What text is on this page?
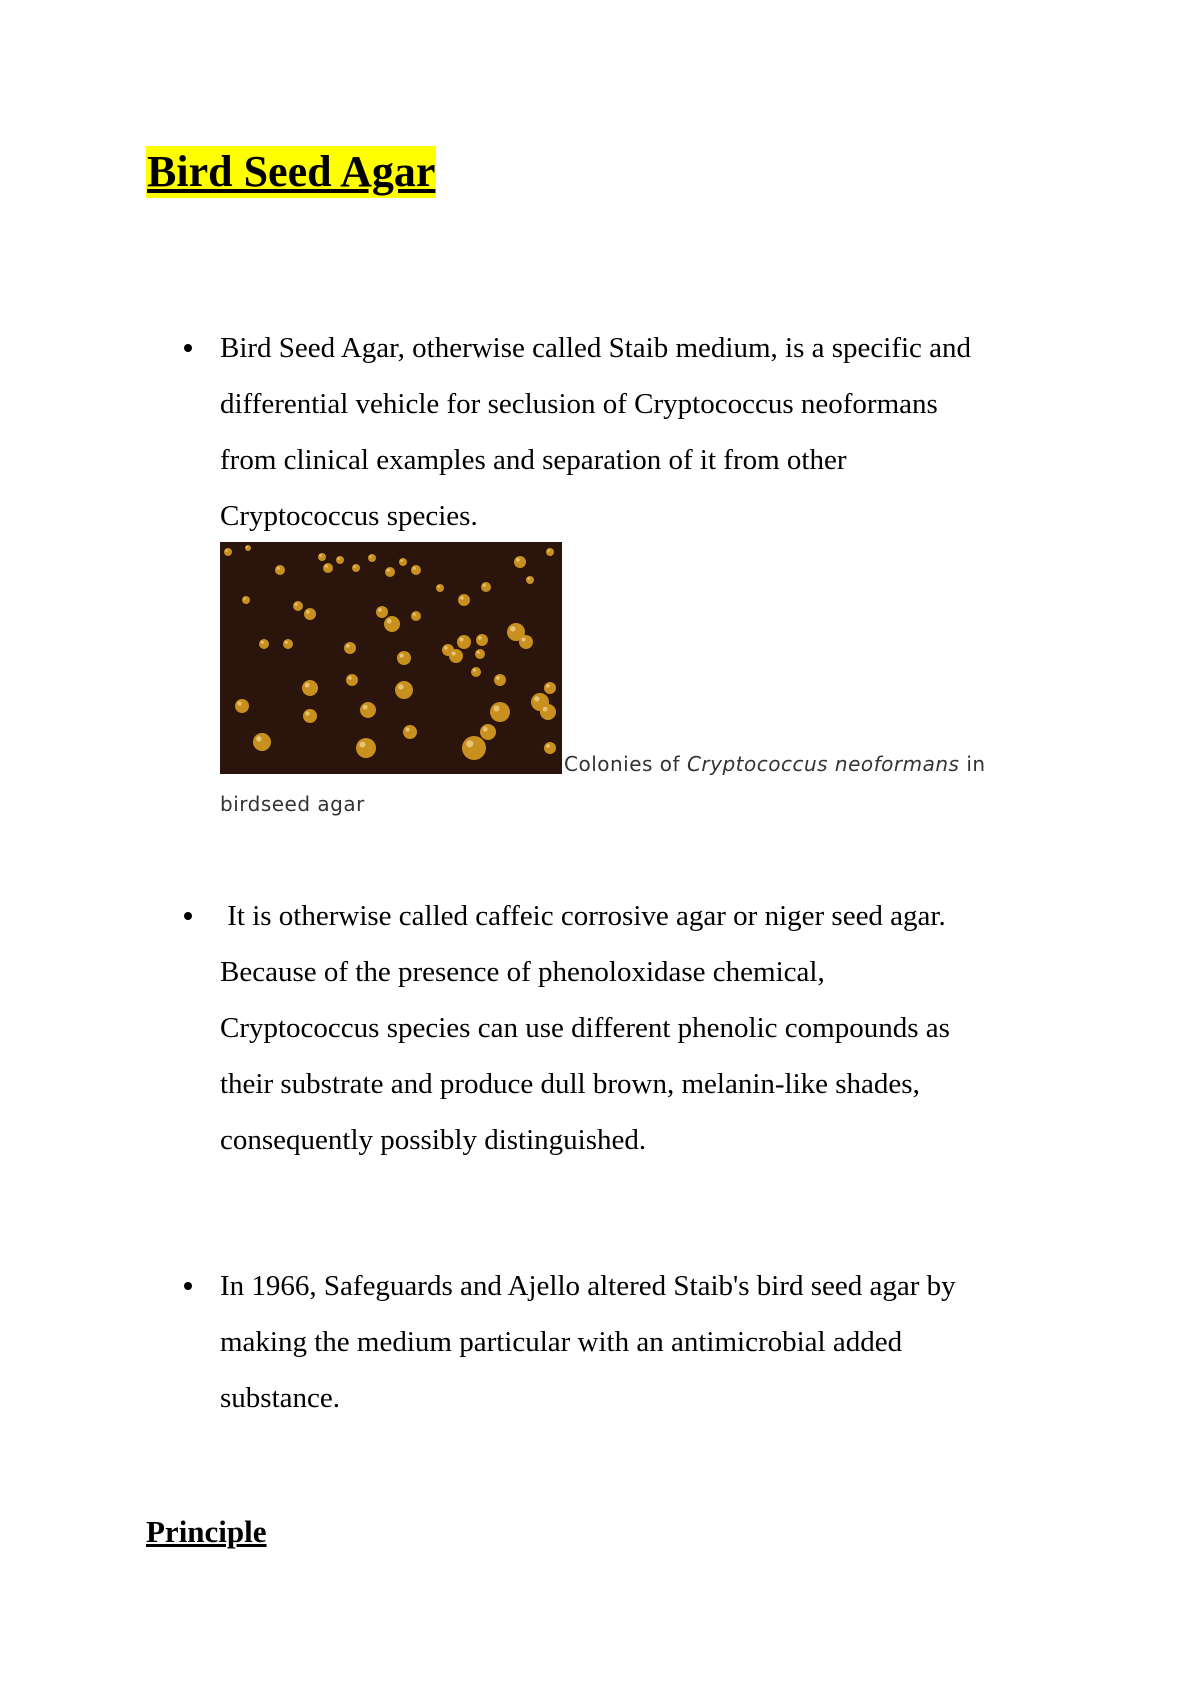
Bird Seed Agar
Bird Seed Agar, otherwise called Staib medium, is a specific and
differential vehicle for seclusion of Cryptococcus neoformans
from clinical examples and separation of it from other
Cryptococcus species.
Colonies of Cryptococcus neoformans in
birdseed agar
It is otherwise called caffeic corrosive agar or niger seed agar.
Because of the presence of phenoloxidase chemical,
Cryptococcus species can use different phenolic compounds as
their substrate and produce dull brown, melanin-like shades,
consequently possibly distinguished.
In 1966, Safeguards and Ajello altered Staib's bird seed agar by
making the medium particular with an antimicrobial added
substance.
Principle
